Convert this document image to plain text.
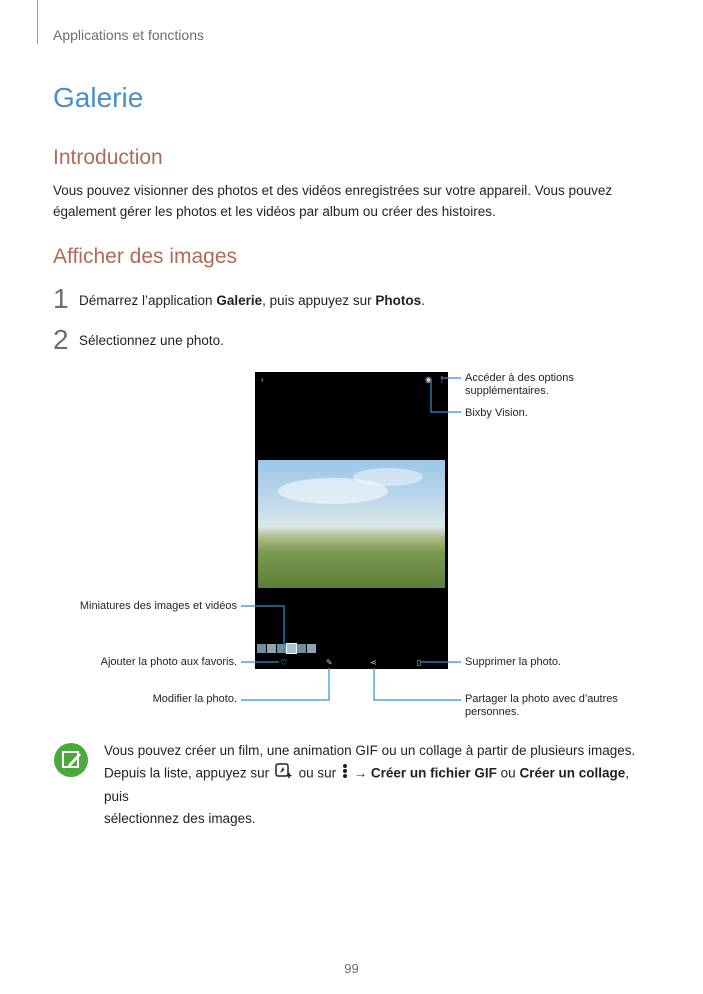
Applications et fonctions
Galerie
Introduction
Vous pouvez visionner des photos et des vidéos enregistrées sur votre appareil. Vous pouvez également gérer les photos et les vidéos par album ou créer des histoires.
Afficher des images
1 Démarrez l’application Galerie, puis appuyez sur Photos.
2 Sélectionnez une photo.
‹	◉ ⋮
♡	✎	⋖	▯
Accéder à des options supplémentaires.
Bixby Vision.
Miniatures des images et vidéos
Ajouter la photo aux favoris.	Supprimer la photo.
Modifier la photo.	Partager la photo avec d’autres personnes.
Vous pouvez créer un film, une animation GIF ou un collage à partir de plusieurs images.
Depuis la liste, appuyez sur  ou sur  → Créer un fichier GIF ou Créer un collage, puis
sélectionnez des images.
99
